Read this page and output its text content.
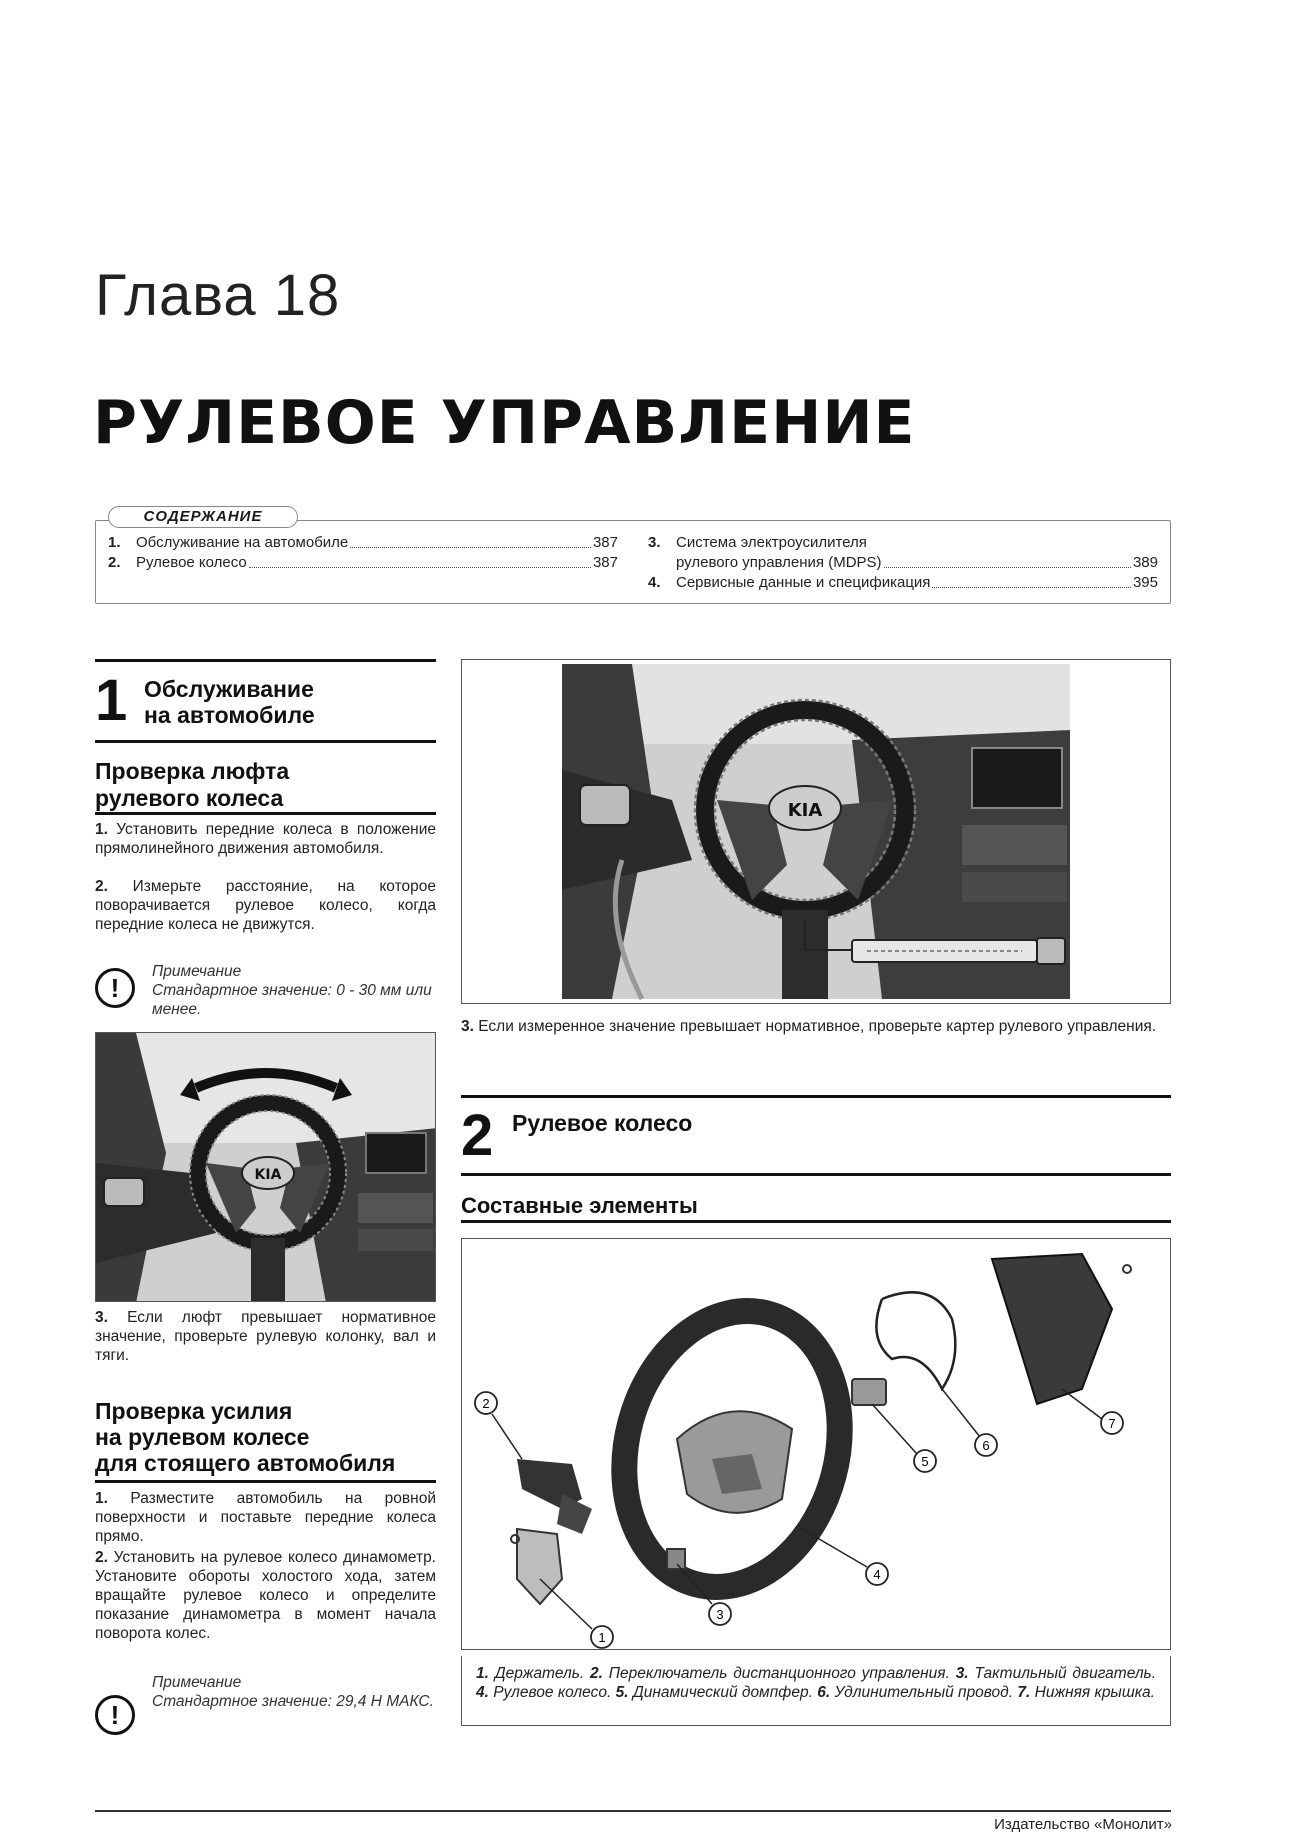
Глава 18
РУЛЕВОЕ УПРАВЛЕНИЕ
СОДЕРЖАНИЕ
1.	Обслуживание на автомобиле	387
2.	Рулевое колесо	387
3.	Система электроусилителя
рулевого управления (MDPS)	389
4.	Сервисные данные и спецификация	395
1 Обслуживание
на автомобиле
Проверка люфта
рулевого колеса
1. Установить передние колеса в положение прямолинейного движения автомобиля.
2. Измерьте расстояние, на которое поворачивается рулевое колесо, когда передние колеса не движутся.
!
Примечание
Стандартное значение: 0 - 30 мм или менее.
KIA
3. Если люфт превышает нормативное значение, проверьте рулевую колонку, вал и тяги.
Проверка усилия
на рулевом колесе
для стоящего автомобиля
1. Разместите автомобиль на ровной поверхности и поставьте передние колеса прямо.
2. Установить на рулевое колесо динамометр. Установите обороты холостого хода, затем вращайте рулевое колесо и определите показание динамометра в момент начала поворота колес.
!
Примечание
Стандартное значение: 29,4 Н МАКС.
KIA
3. Если измеренное значение превышает нормативное, проверьте картер рулевого управления.
2 Рулевое колесо
Составные элементы
1
2
3
4
5
6
7
1. Держатель. 2. Переключатель дистанционного управления. 3. Тактильный двигатель. 4. Рулевое колесо. 5. Динамический домпфер. 6. Удлинительный провод. 7. Нижняя крышка.
Издательство «Монолит»
